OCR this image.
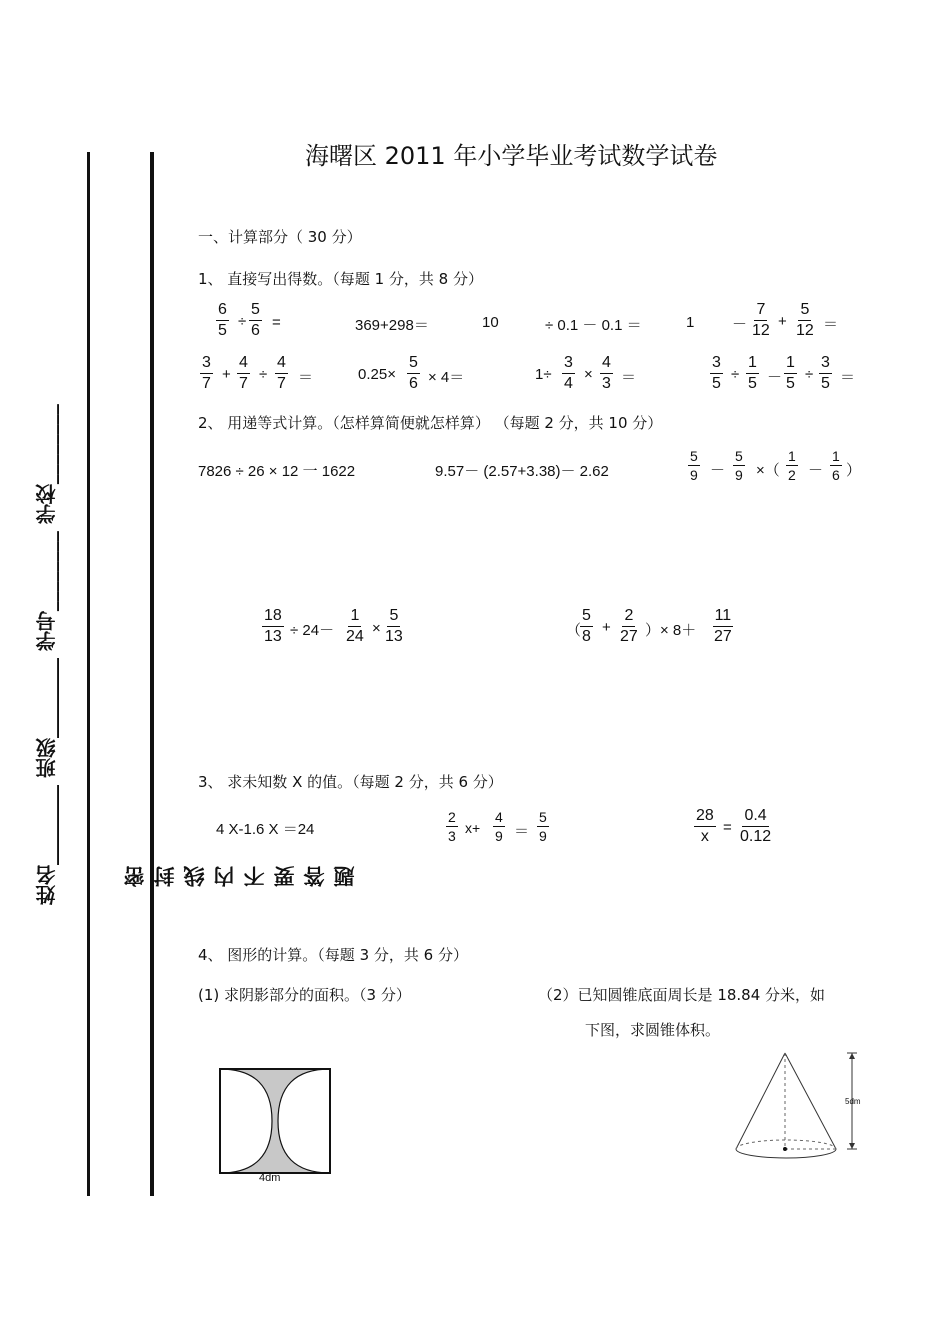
姓名________ 班级________ 学号________ 学校________	密 封 线 内 不 要 答 题
海曙区 2011 年小学毕业考试数学试卷
一、计算部分（ 30 分）
1、 直接写出得数。（每题 1 分，共 8 分）
$\frac{6}{5} \div \frac{5}{6}$ =	369+298＝	10	÷ 0.1 － 0.1 ＝	1	－ $\frac{7}{12} + \frac{5}{12}$ ＝
$\frac{3}{7} + \frac{4}{7} \div \frac{4}{7}$ ＝	$0.25\times \frac{5}{6} \times 4=$	$1\div \frac{3}{4} \times \frac{4}{3}$ ＝	$\frac{3}{5} \div \frac{1}{5} - \frac{1}{5} \div \frac{3}{5}$ ＝
2、 用递等式计算。（怎样算简便就怎样算） （每题 2 分，共 10 分）
7826 ÷ 26 × 12 一 1622	9.57－ (2.57+3.38)－ 2.62	$\frac{5}{9} - \frac{5}{9}$ ×（ $\frac{1}{2} - \frac{1}{6}$ ）
$\frac{18}{13} \div 24- \frac{1}{24} \times \frac{5}{13}$	（
$\frac{5}{8} + \frac{2}{27}$ ）× $8+ \frac{11}{27}$
3、 求未知数 X 的值。（每题 2 分，共 6 分）
4 X-1.6 X ＝24	$\frac{2}{3} x+ \frac{4}{9} = \frac{5}{9}$	$\frac{28}{x} = \frac{0.4}{0.12}$
4、 图形的计算。（每题 3 分，共 6 分）
(1) 求阴影部分的面积。（3 分）	（2）已知圆锥底面周长是 18.84 分米，如
下图，求圆锥体积。
4dm
5dm
